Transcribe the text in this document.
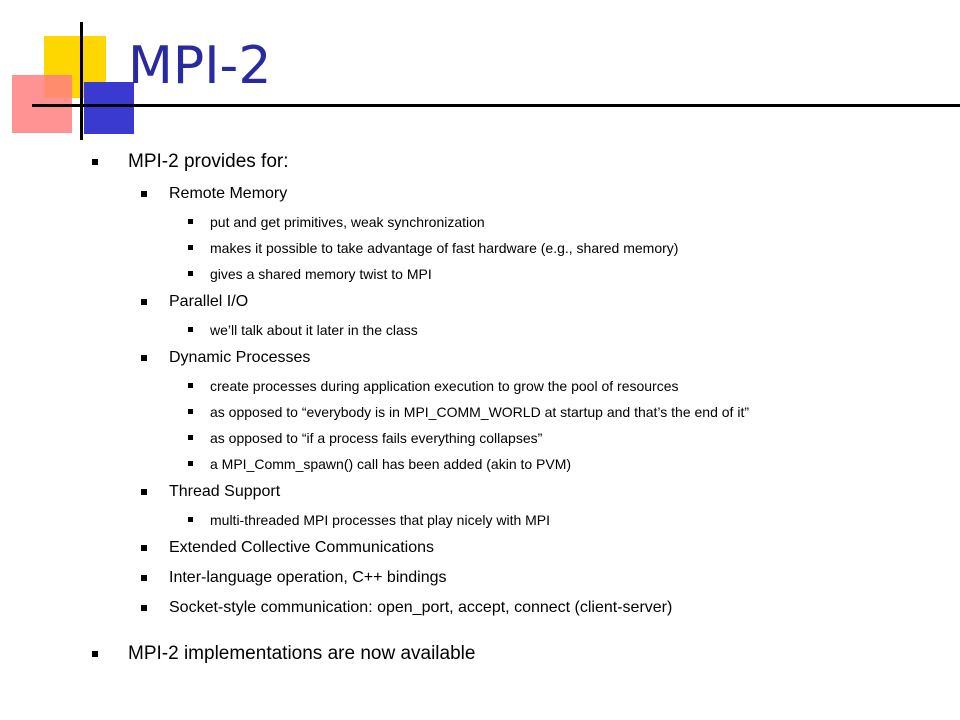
MPI-2
MPI-2 provides for:
Remote Memory
put and get primitives, weak synchronization
makes it possible to take advantage of fast hardware (e.g., shared memory)
gives a shared memory twist to MPI
Parallel I/O
we’ll talk about it later in the class
Dynamic Processes
create processes during application execution to grow the pool of resources
as opposed to “everybody is in MPI_COMM_WORLD at startup and that’s the end of it”
as opposed to “if a process fails everything collapses”
a MPI_Comm_spawn() call has been added (akin to PVM)
Thread Support
multi-threaded MPI processes that play nicely with MPI
Extended Collective Communications
Inter-language operation, C++ bindings
Socket-style communication: open_port, accept, connect (client-server)
MPI-2 implementations are now available
